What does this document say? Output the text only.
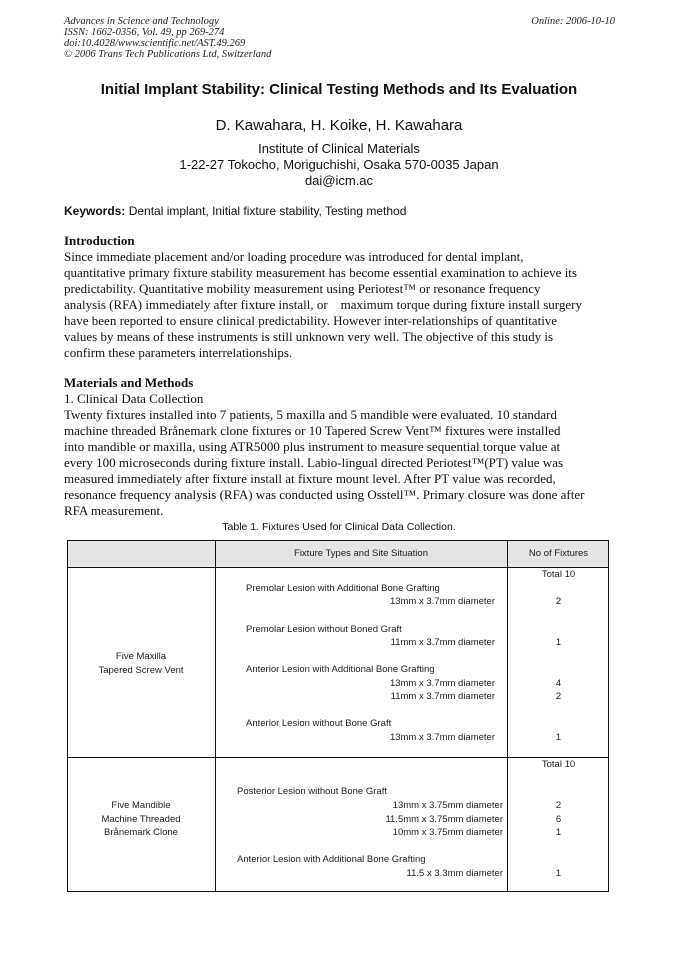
Advances in Science and Technology
ISSN: 1662-0356, Vol. 49, pp 269-274
doi:10.4028/www.scientific.net/AST.49.269
© 2006 Trans Tech Publications Ltd, Switzerland
Online: 2006-10-10
Initial Implant Stability: Clinical Testing Methods and Its Evaluation
D. Kawahara, H. Koike, H. Kawahara
Institute of Clinical Materials
1-22-27 Tokocho, Moriguchishi, Osaka 570-0035 Japan
dai@icm.ac
Keywords: Dental implant, Initial fixture stability, Testing method
Introduction
Since immediate placement and/or loading procedure was introduced for dental implant,
quantitative primary fixture stability measurement has become essential examination to achieve its
predictability. Quantitative mobility measurement using Periotest™ or resonance frequency
analysis (RFA) immediately after fixture install, or    maximum torque during fixture install surgery
have been reported to ensure clinical predictability. However inter-relationships of quantitative
values by means of these instruments is still unknown very well. The objective of this study is
confirm these parameters interrelationships.
Materials and Methods
1. Clinical Data Collection
Twenty fixtures installed into 7 patients, 5 maxilla and 5 mandible were evaluated. 10 standard
machine threaded Brånemark clone fixtures or 10 Tapered Screw Vent™ fixtures were installed
into mandible or maxilla, using ATR5000 plus instrument to measure sequential torque value at
every 100 microseconds during fixture install. Labio-lingual directed Periotest™(PT) value was
measured immediately after fixture install at fixture mount level. After PT value was recorded,
resonance frequency analysis (RFA) was conducted using Osstell™. Primary closure was done after
RFA measurement.
Table 1. Fixtures Used for Clinical Data Collection.
Fixture Types and Site Situation	No of Fixtures
Five Maxilla
Tapered Screw Vent
Total 10
Premolar Lesion with Additional Bone Grafting
13mm x 3.7mm diameter	2
Premolar Lesion without Boned Graft
11mm x 3.7mm diameter	1
Anterior Lesion with Additional Bone Grafting
13mm x 3.7mm diameter	4
11mm x 3.7mm diameter	2
Anterior Lesion without Bone Graft
13mm x 3.7mm diameter	1
Five Mandible
Machine Threaded
Brånemark Clone
Total 10
Posterior Lesion without Bone Graft
13mm x 3.75mm diameter	2
11.5mm x 3.75mm diameter	6
10mm x 3.75mm diameter	1
Anterior Lesion with Additional Bone Grafting
11.5 x 3.3mm diameter	1
